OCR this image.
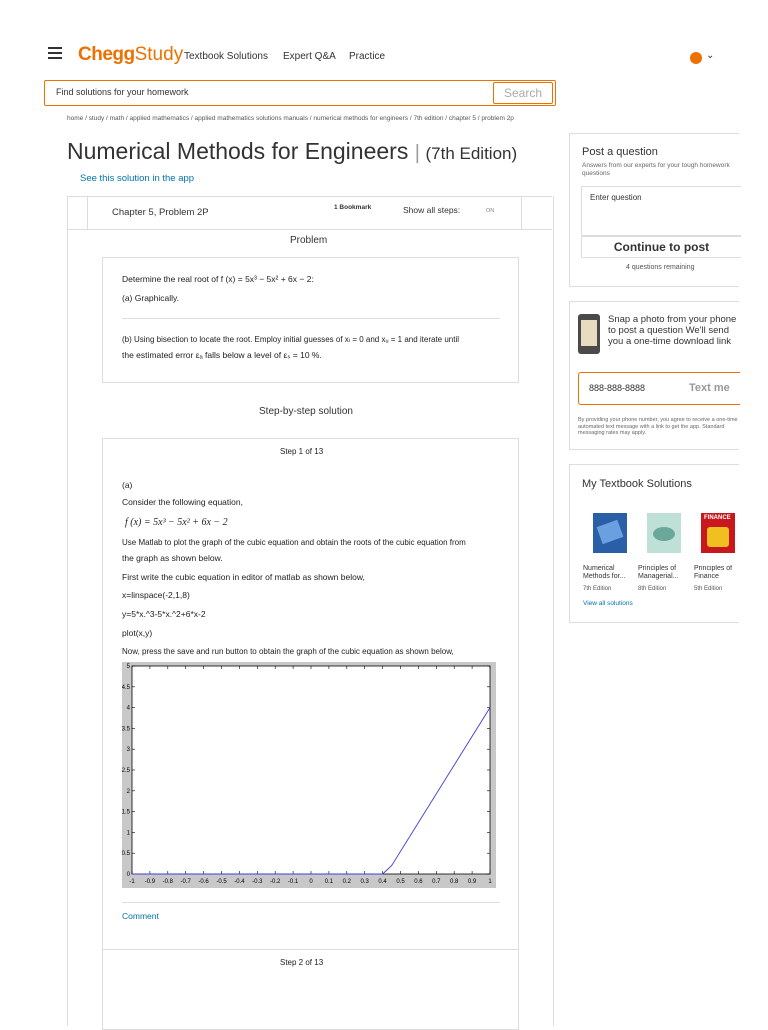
CheggStudy Textbook Solutions Expert Q&A Practice	⌄
Find solutions for your homework
Search
home / study / math / applied mathematics / applied mathematics solutions manuals / numerical methods for engineers / 7th edition / chapter 5 / problem 2p
Numerical Methods for Engineers | (7th Edition)
See this solution in the app
Chapter 5, Problem 2P	1 Bookmark	Show all steps:	ON
Problem
Determine the real root of f (x) = 5x³ − 5x² + 6x − 2:
(a) Graphically.
(b) Using bisection to locate the root. Employ initial guesses of xₗ = 0 and xᵤ = 1 and iterate until
the estimated error εₐ falls below a level of εₛ = 10 %.
Step-by-step solution
Step 1 of 13
(a)
Consider the following equation,
f (x) = 5x³ − 5x² + 6x − 2
Use Matlab to plot the graph of the cubic equation and obtain the roots of the cubic equation from
the graph as shown below.
First write the cubic equation in editor of matlab as shown below,
x=linspace(-2,1,8)
y=5*x.^3-5*x.^2+6*x-2
plot(x,y)
Now, press the save and run button to obtain the graph of the cubic equation as shown below,
-1 -0.9 -0.8 -0.7 -0.6 -0.5 -0.4 -0.3 -0.2 -0.1 0 0.1 0.2 0.3 0.4 0.5 0.6 0.7 0.8 0.9 1
0
0.5
1
1.5
2
2.5
3
3.5
4
4.5
5
Comment
Step 2 of 13
Post a question
Answers from our experts for your tough homework questions
Enter question
Continue to post
4 questions remaining
Snap a photo from your phone to post a question We'll send you a one-time download link
888-888-8888	Text me
By providing your phone number, you agree to receive a one-time automated text message with a link to get the app. Standard messaging rates may apply.
My Textbook Solutions
FINANCE
Numerical
Methods for...
7th Edition
Principles of
Managerial...
8th Edition
Principles of
Finance
5th Edition
View all solutions
